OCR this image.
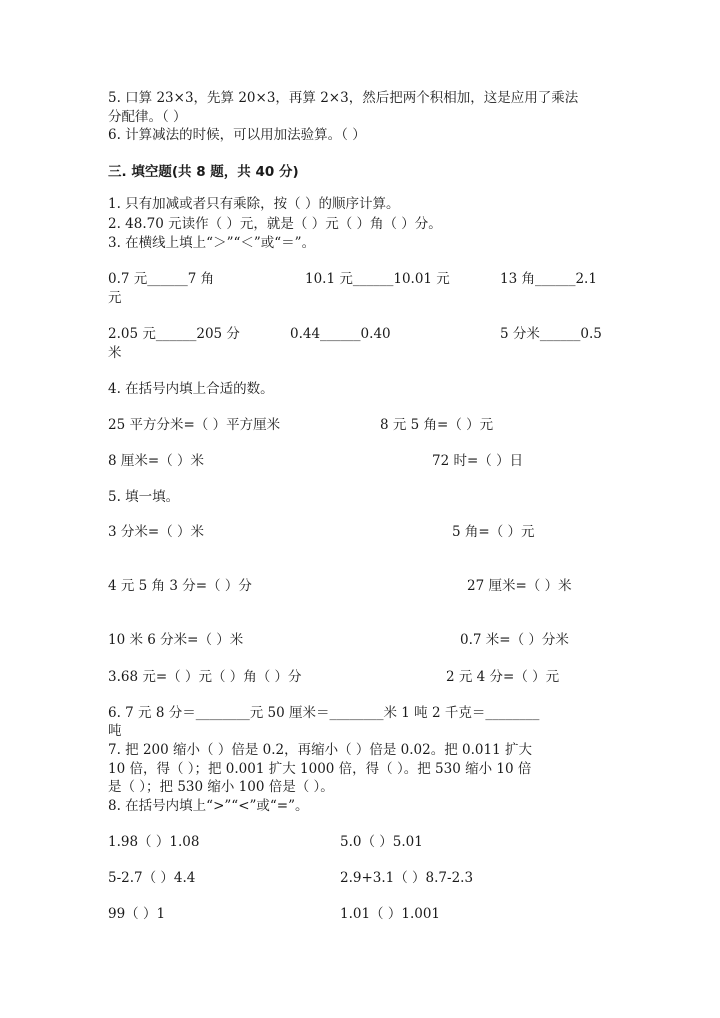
5. 口算 23×3，先算 20×3，再算 2×3，然后把两个积相加，这是应用了乘法
分配律。（ ）
6. 计算减法的时候，可以用加法验算。（ ）
三. 填空题(共 8 题，共 40 分)
1. 只有加减或者只有乘除，按（ ）的顺序计算。
2. 48.70 元读作（ ）元，就是（ ）元（ ）角（ ）分。
3. 在横线上填上“＞”“＜”或“＝”。
0.7 元______7 角	10.1 元______10.01 元	13 角______2.1
元
2.05 元______205 分	0.44______0.40	5 分米______0.5
米
4. 在括号内填上合适的数。
25 平方分米=（ ）平方厘米	8 元 5 角=（ ）元
8 厘米=（ ）米	72 时=（ ）日
5. 填一填。
3 分米=（ ）米	5 角=（ ）元
4 元 5 角 3 分=（ ）分	27 厘米=（ ）米
10 米 6 分米=（ ）米	0.7 米=（ ）分米
3.68 元=（ ）元（ ）角（ ）分	2 元 4 分=（ ）元
6. 7 元 8 分＝________元 50 厘米＝________米 1 吨 2 千克＝________
吨
7. 把 200 缩小（ ）倍是 0.2，再缩小（ ）倍是 0.02。把 0.011 扩大
10 倍，得（ ）；把 0.001 扩大 1000 倍，得（ ）。把 530 缩小 10 倍
是（ ）；把 530 缩小 100 倍是（ ）。
8. 在括号内填上“>”“<”或“=”。
1.98（ ）1.08	5.0（ ）5.01
5-2.7（ ）4.4	2.9+3.1（ ）8.7-2.3
99（ ）1	1.01（ ）1.001
